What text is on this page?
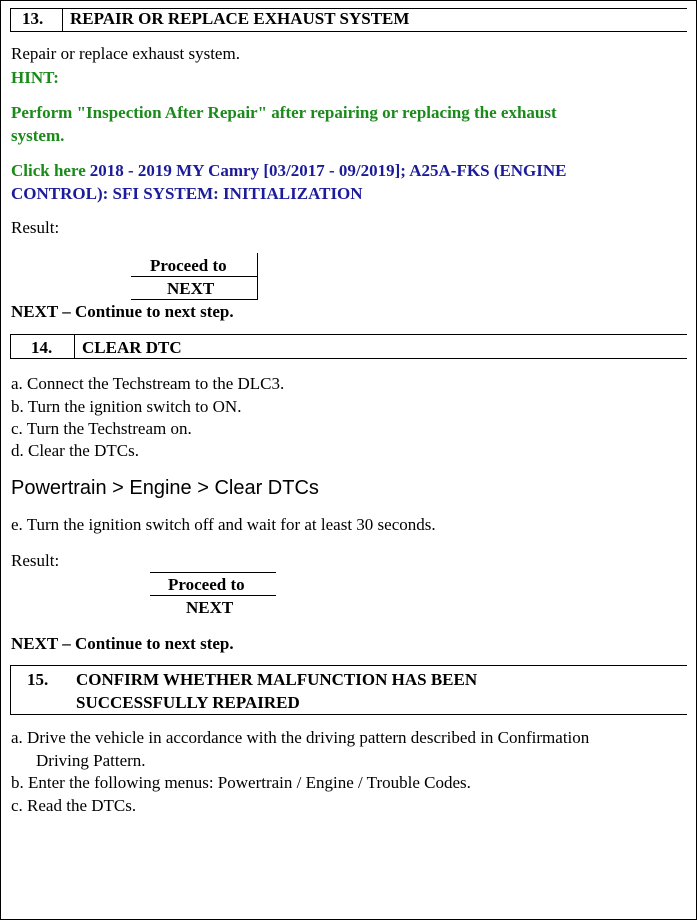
13. REPAIR OR REPLACE EXHAUST SYSTEM
Repair or replace exhaust system.
HINT:
Perform "Inspection After Repair" after repairing or replacing the exhaust
system.
Click here 2018 - 2019 MY Camry [03/2017 - 09/2019]; A25A-FKS (ENGINE
CONTROL): SFI SYSTEM: INITIALIZATION
Result:
Proceed to
NEXT
NEXT – Continue to next step.
14. CLEAR DTC
a. Connect the Techstream to the DLC3.
b. Turn the ignition switch to ON.
c. Turn the Techstream on.
d. Clear the DTCs.
Powertrain > Engine > Clear DTCs
e. Turn the ignition switch off and wait for at least 30 seconds.
Result:
Proceed to
NEXT
NEXT – Continue to next step.
15. CONFIRM WHETHER MALFUNCTION HAS BEEN
SUCCESSFULLY REPAIRED
a. Drive the vehicle in accordance with the driving pattern described in Confirmation
Driving Pattern.
b. Enter the following menus: Powertrain / Engine / Trouble Codes.
c. Read the DTCs.
